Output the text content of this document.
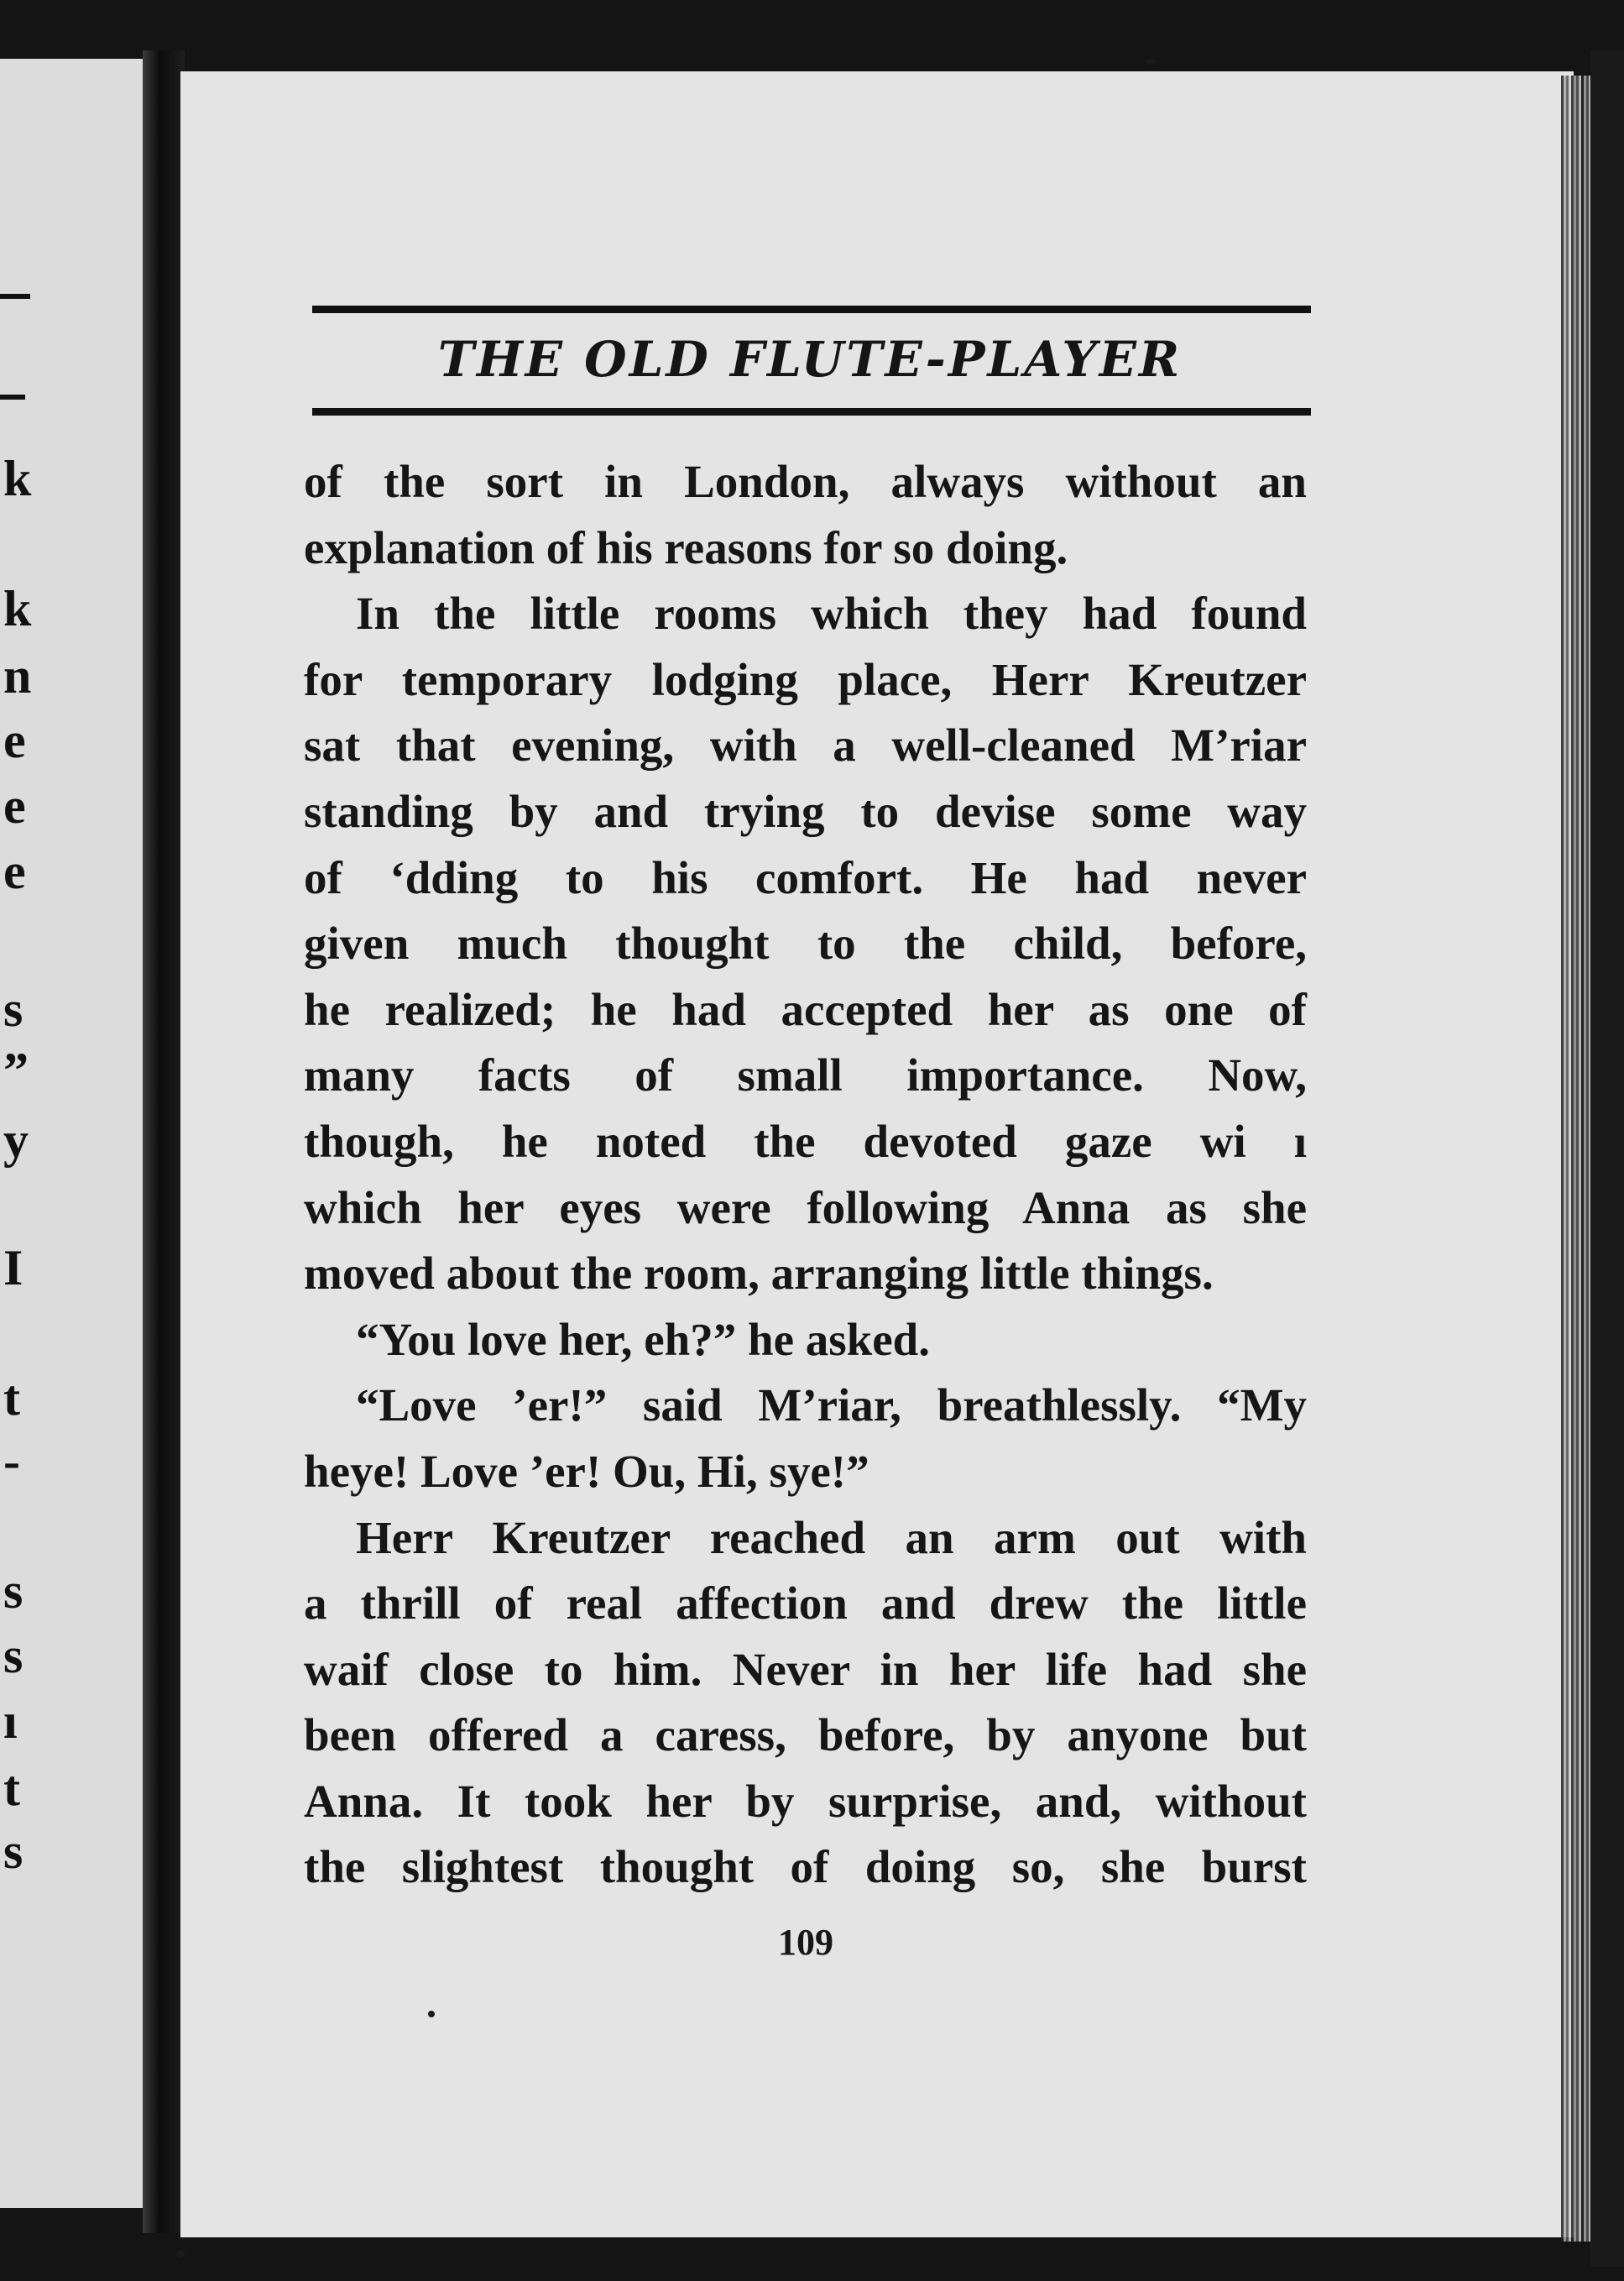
k
k
n
e
e
e
s
”
y
I
t
-
s
s
ı
t
s
THE OLD FLUTE-PLAYER
of the sort in London, always without an
explanation of his reasons for so doing.
In the little rooms which they had found
for temporary lodging place, Herr Kreutzer
sat that evening, with a well-cleaned M’riar
standing by and trying to devise some way
of ʻdding to his comfort. He had never
given much thought to the child, before,
he realized; he had accepted her as one of
many facts of small importance. Now,
though, he noted the devoted gaze wi ı
which her eyes were following Anna as she
moved about the room, arranging little things.
“You love her, eh?” he asked.
“Love ’er!” said M’riar, breathlessly. “My
heye! Love ’er! Ou, Hi, sye!”
Herr Kreutzer reached an arm out with
a thrill of real affection and drew the little
waif close to him. Never in her life had she
been offered a caress, before, by anyone but
Anna. It took her by surprise, and, without
the slightest thought of doing so, she burst
109
